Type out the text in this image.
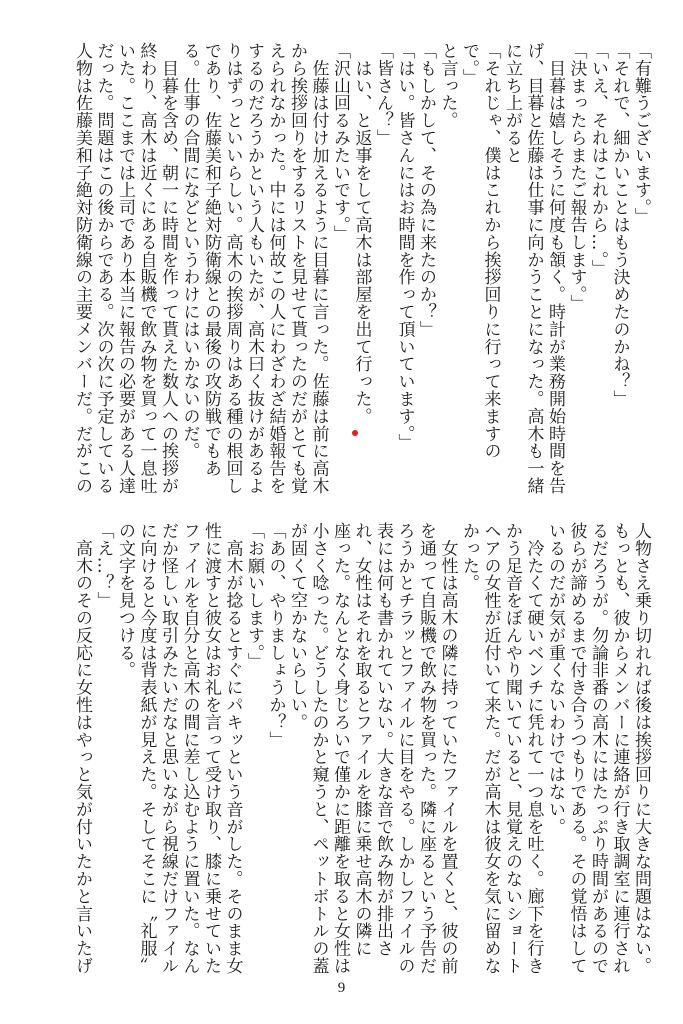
「有難うございます。」
「それで、細かいことはもう決めたのかね？」
「いえ、それはこれから…。」
「決まったらまたご報告します。」
　目暮は嬉しそうに何度も頷く。時計が業務開始時間を告
げ、目暮と佐藤は仕事に向かうことになった。高木も一緒
に立ち上がると
「それじゃ、僕はこれから挨拶回りに行って来ますの
で。」
と言った。
「もしかして、その為に来たのか？」
「はい。皆さんにはお時間を作って頂いています。」
「皆さん？」
　はい、と返事をして高木は部屋を出て行った。
「沢山回るみたいです。」
　佐藤は付け加えるように目暮に言った。佐藤は前に高木
から挨拶回りをするリストを見せて貰ったのだがとても覚
えられなかった。中には何故この人にわざわざ結婚報告を
するのだろうかという人もいたが、高木曰く抜けがあるよ
りはずっといいらしい。高木の挨拶周りはある種の根回し
であり、佐藤美和子絶対防衛線との最後の攻防戦でもあ
る。仕事の合間になどというわけにはいかないのだ。
　目暮を含め、朝一に時間を作って貰えた数人への挨拶が
終わり、高木は近くにある自販機で飲み物を買って一息吐
いた。ここまでは上司であり本当に報告の必要がある人達
だった。問題はこの後からである。次の次に予定している
人物は佐藤美和子絶対防衛線の主要メンバーだ。だがこの
人物さえ乗り切れれば後は挨拶回りに大きな問題はない。
もっとも、彼からメンバーに連絡が行き取調室に連行され
るだろうが。勿論非番の高木にはたっぷり時間があるので
彼らが諦めるまで付き合うつもりである。その覚悟はして
いるのだが気が重くないわけではない。
　冷たくて硬いベンチに凭れて一つ息を吐く。廊下を行き
かう足音をぼんやり聞いていると、見覚えのないショート
ヘアの女性が近付いて来た。だが高木は彼女を気に留めな
かった。
　女性は高木の隣に持っていたファイルを置くと、彼の前
を通って自販機で飲み物を買った。隣に座るという予告だ
ろうかとチラッとファイルに目をやる。しかしファイルの
表には何も書かれていない。大きな音で飲み物が排出さ
れ、女性はそれを取るとファイルを膝に乗せ高木の隣に
座った。なんとなく身じろいで僅かに距離を取ると女性は
小さく唸った。どうしたのかと窺うと、ペットボトルの蓋
が固くて空かないらしい。
「あの、やりましょうか？」
「お願いします。」
　高木が捻るとすぐにパキッという音がした。そのまま女
性に渡すと彼女はお礼を言って受け取り、膝に乗せていた
ファイルを自分と高木の間に差し込むように置いた。なん
だか怪しい取引みたいだなと思いながら視線だけファイル
に向けると今度は背表紙が見えた。そしてそこに〝礼服〟
の文字を見つける。
「え…？」
　高木のその反応に女性はやっと気が付いたかと言いたげ
9
